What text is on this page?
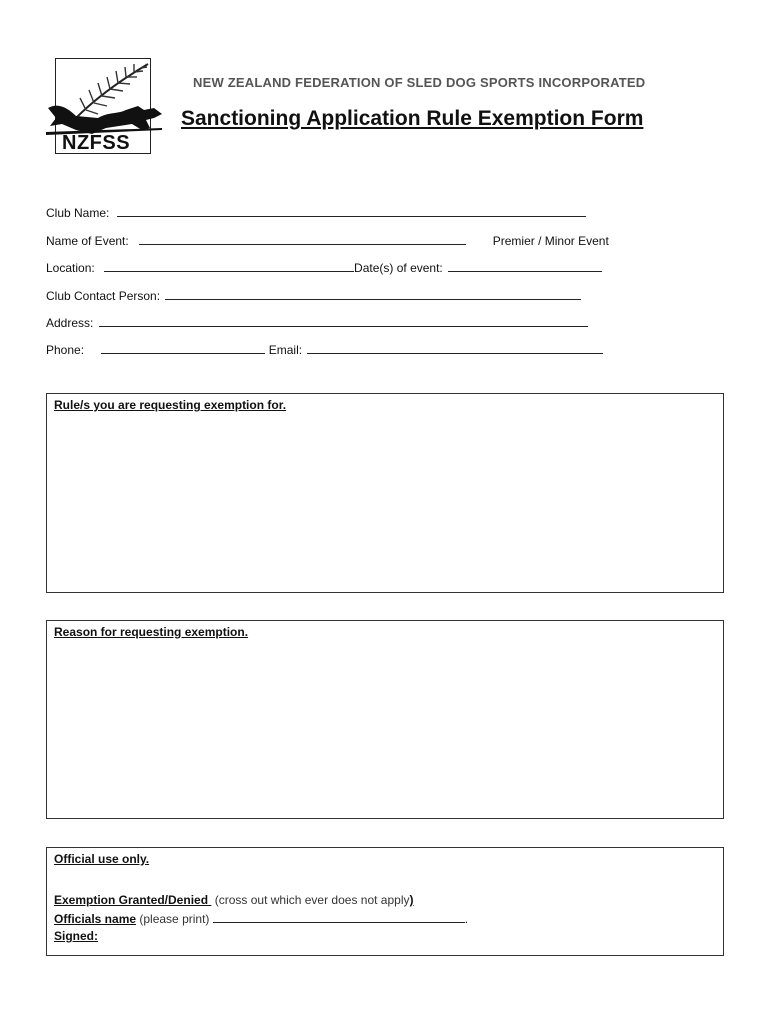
NZFSS
NEW ZEALAND FEDERATION OF SLED DOG SPORTS INCORPORATED
Sanctioning Application Rule Exemption Form
Club Name:
Name of Event:	Premier / Minor Event
Location:	Date(s) of event:
Club Contact Person:
Address:
Phone:	Email:
Rule/s you are requesting exemption for.
Reason for requesting exemption.
Official use only.
Exemption Granted/Denied (cross out which ever does not apply)
Officials name (please print)	.
Signed:
